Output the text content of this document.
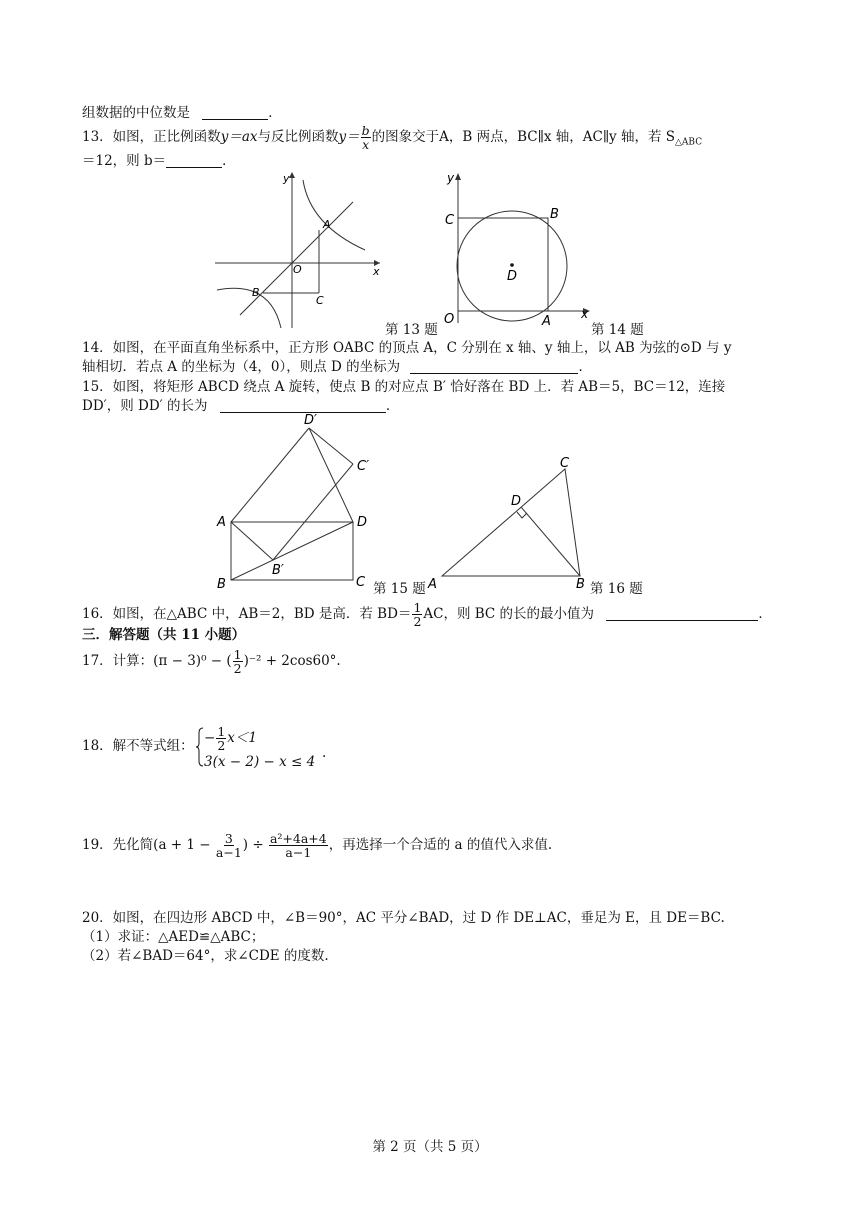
组数据的中位数是	．
13．如图，正比例函数y＝ax与反比例函数$y= \frac{b}{x}$ 的图象交于A，B 两点，BC∥x 轴，AC∥y 轴，若 $S_{\triangle ABC}$
＝12，则 b＝	．
y
x
O
A
B
C
y
C	B
D
O	A	x
第 13 题	第 14 题
14．如图，在平面直角坐标系中，正方形 OABC 的顶点 A，C 分别在 x 轴、y 轴上，以 AB 为弦的⊙D 与 y
轴相切．若点 A 的坐标为（4，0），则点 D 的坐标为	．
15．如图，将矩形 ABCD 绕点 A 旋转，使点 B 的对应点 B′ 恰好落在 BD 上．若 AB＝5，BC＝12，连接
DD′，则 DD′ 的长为	．
D′
C′
A	D
B′
B	C 第 15 题
C
D
A	B 第 16 题
16．如图，在△ABC 中，AB＝2，BD 是高．若 $BD= \frac{1}{2}$ AC，则 BC 的长的最小值为	．
三．解答题（共 11 小题）
17．计算：(π − 3)⁰ − ( $\frac{1}{2} )^{-2} + 2\cos 60^\circ$.
18．解不等式组： − $\frac{1}{2} x<1$
3(x − 2) − x ≤ 4
.
19．先化简($a + 1 - \frac{3}{a-1}$ ) ÷ $\frac{\text{a²+4a+4}}{a-1}$ ，再选择一个合适的 a 的值代入求值.
20．如图，在四边形 ABCD 中，∠B＝90°，AC 平分∠BAD，过 D 作 DE⊥AC，垂足为 E，且 DE＝BC.
（1）求证：△AED≌△ABC；
（2）若∠BAD＝64°，求∠CDE 的度数.
第 2 页（共 5 页）
